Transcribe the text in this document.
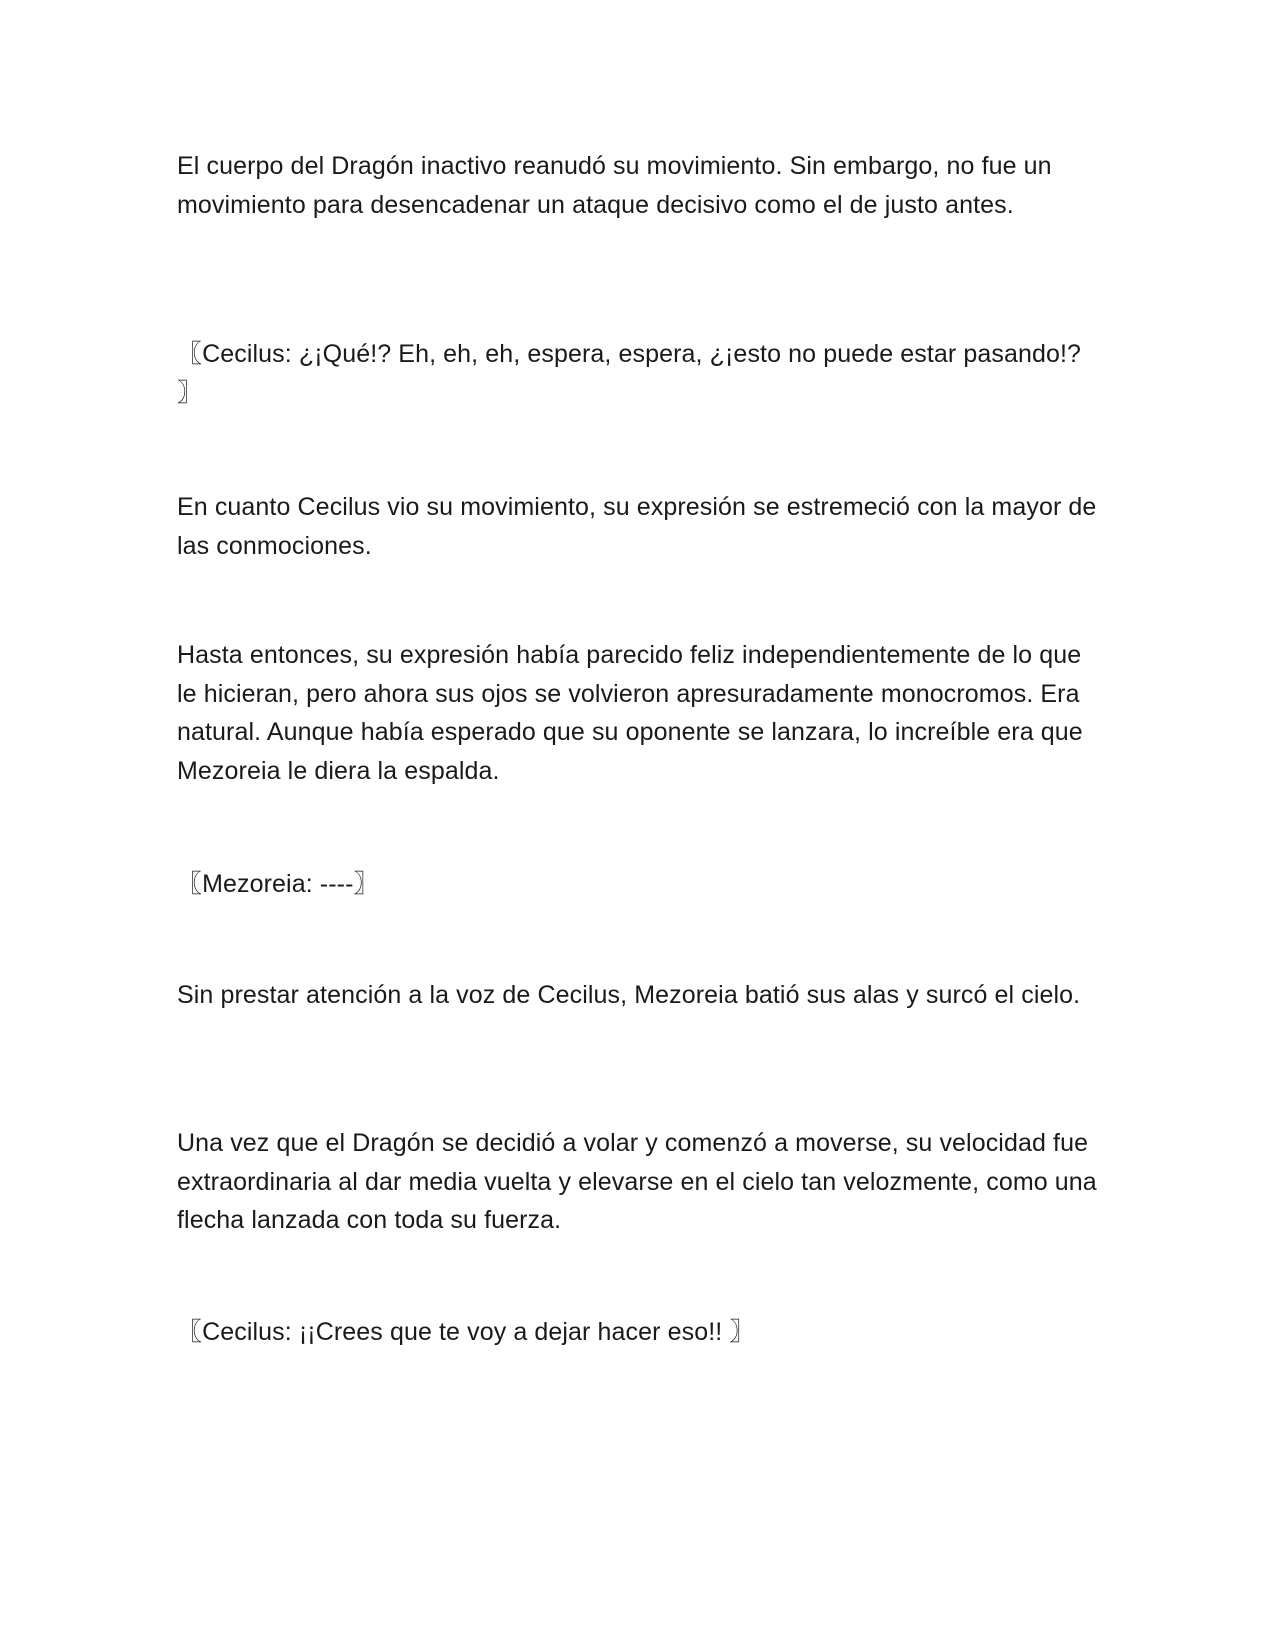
El cuerpo del Dragón inactivo reanudó su movimiento. Sin embargo, no fue un movimiento para desencadenar un ataque decisivo como el de justo antes.

〖Cecilus: ¿¡Qué!? Eh, eh, eh, espera, espera, ¿¡esto no puede estar pasando!? 〗

En cuanto Cecilus vio su movimiento, su expresión se estremeció con la mayor de las conmociones.

Hasta entonces, su expresión había parecido feliz independientemente de lo que le hicieran, pero ahora sus ojos se volvieron apresuradamente monocromos. Era natural. Aunque había esperado que su oponente se lanzara, lo increíble era que Mezoreia le diera la espalda.

〖Mezoreia: ----〗

Sin prestar atención a la voz de Cecilus, Mezoreia batió sus alas y surcó el cielo.

Una vez que el Dragón se decidió a volar y comenzó a moverse, su velocidad fue extraordinaria al dar media vuelta y elevarse en el cielo tan velozmente, como una flecha lanzada con toda su fuerza.

〖Cecilus: ¡¡Crees que te voy a dejar hacer eso!! 〗
